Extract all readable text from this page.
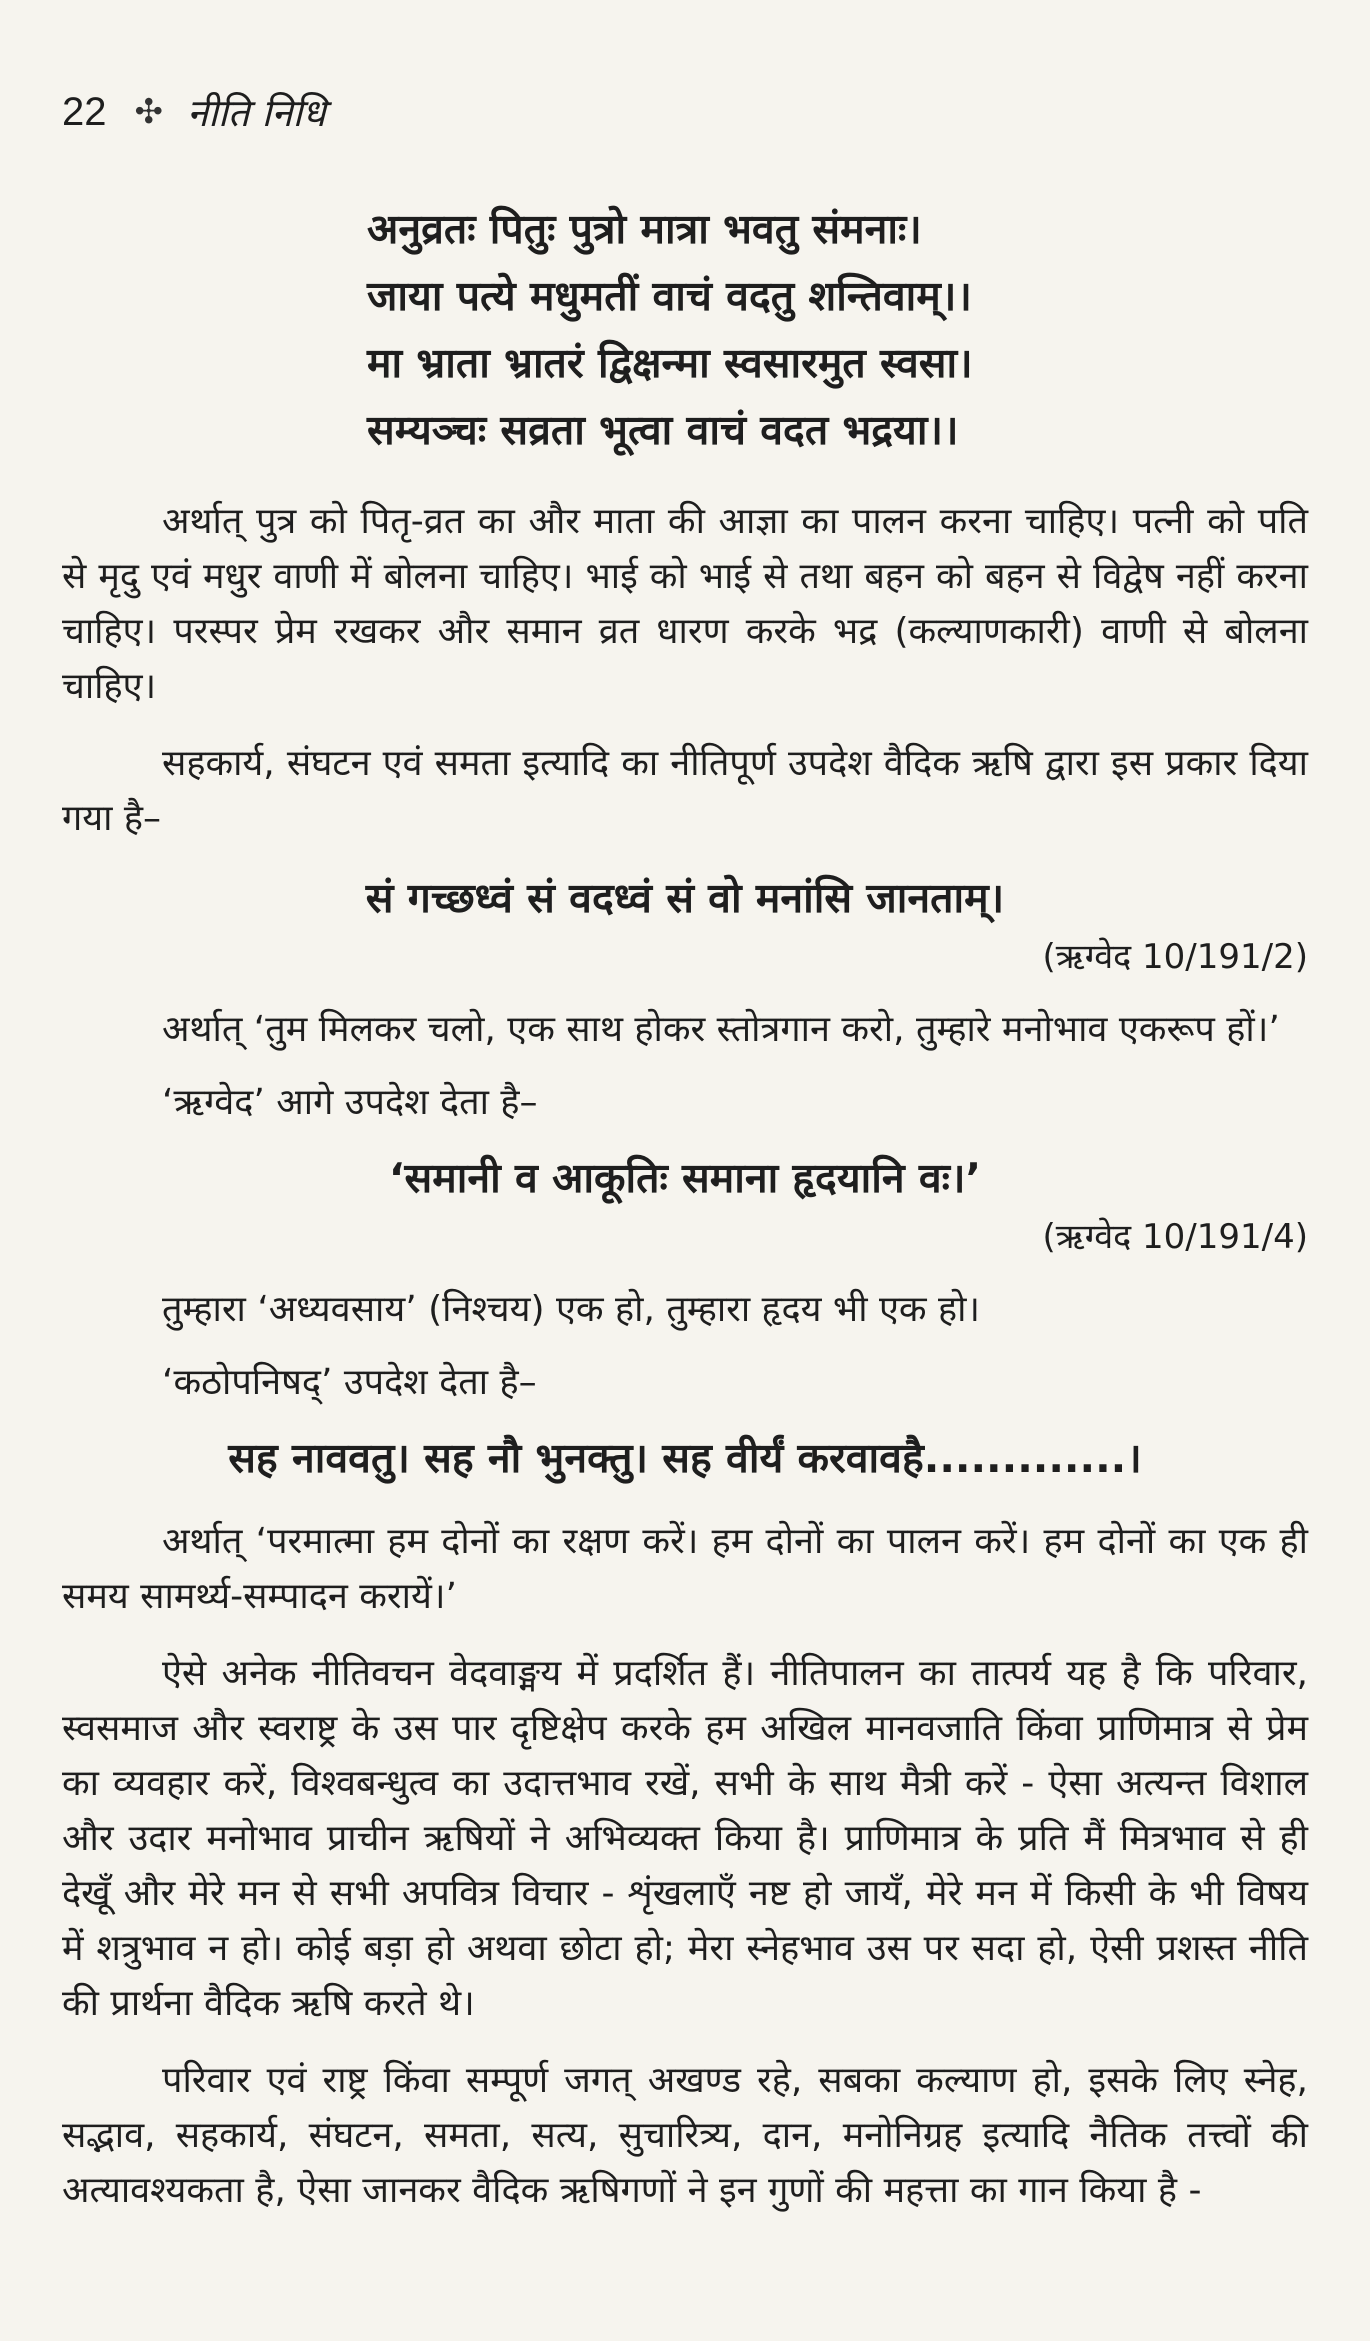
22 ✣ नीति निधि
अनुव्रतः पितुः पुत्रो मात्रा भवतु संमनाः।
जाया पत्ये मधुमतीं वाचं वदतु शन्तिवाम्।।
मा भ्राता भ्रातरं द्विक्षन्मा स्वसारमुत स्वसा।
सम्यञ्चः सव्रता भूत्वा वाचं वदत भद्रया।।

अर्थात् पुत्र को पितृ-व्रत का और माता की आज्ञा का पालन करना चाहिए। पत्नी को पति से मृदु एवं मधुर वाणी में बोलना चाहिए। भाई को भाई से तथा बहन को बहन से विद्वेष नहीं करना चाहिए। परस्पर प्रेम रखकर और समान व्रत धारण करके भद्र (कल्याणकारी) वाणी से बोलना चाहिए।

सहकार्य, संघटन एवं समता इत्यादि का नीतिपूर्ण उपदेश वैदिक ऋषि द्वारा इस प्रकार दिया गया है–

सं गच्छध्वं सं वदध्वं सं वो मनांसि जानताम्।
(ऋग्वेद 10/191/2)
अर्थात् ‘तुम मिलकर चलो, एक साथ होकर स्तोत्रगान करो, तुम्हारे मनोभाव एकरूप हों।’
‘ऋग्वेद’ आगे उपदेश देता है–
‘समानी व आकूतिः समाना हृदयानि वः।’
(ऋग्वेद 10/191/4)
तुम्हारा ‘अध्यवसाय’ (निश्चय) एक हो, तुम्हारा हृदय भी एक हो।
‘कठोपनिषद्’ उपदेश देता है–
सह नाववतु। सह नौ भुनक्तु। सह वीर्यं करवावहै.............।

अर्थात् ‘परमात्मा हम दोनों का रक्षण करें। हम दोनों का पालन करें। हम दोनों का एक ही समय सामर्थ्य-सम्पादन करायें।’

ऐसे अनेक नीतिवचन वेदवाङ्मय में प्रदर्शित हैं। नीतिपालन का तात्पर्य यह है कि परिवार, स्वसमाज और स्वराष्ट्र के उस पार दृष्टिक्षेप करके हम अखिल मानवजाति किंवा प्राणिमात्र से प्रेम का व्यवहार करें, विश्वबन्धुत्व का उदात्तभाव रखें, सभी के साथ मैत्री करें - ऐसा अत्यन्त विशाल और उदार मनोभाव प्राचीन ऋषियों ने अभिव्यक्त किया है। प्राणिमात्र के प्रति मैं मित्रभाव से ही देखूँ और मेरे मन से सभी अपवित्र विचार - शृंखलाएँ नष्ट हो जायँ, मेरे मन में किसी के भी विषय में शत्रुभाव न हो। कोई बड़ा हो अथवा छोटा हो; मेरा स्नेहभाव उस पर सदा हो, ऐसी प्रशस्त नीति की प्रार्थना वैदिक ऋषि करते थे।

परिवार एवं राष्ट्र किंवा सम्पूर्ण जगत् अखण्ड रहे, सबका कल्याण हो, इसके लिए स्नेह, सद्भाव, सहकार्य, संघटन, समता, सत्य, सुचारित्र्य, दान, मनोनिग्रह इत्यादि नैतिक तत्त्वों की अत्यावश्यकता है, ऐसा जानकर वैदिक ऋषिगणों ने इन गुणों की महत्ता का गान किया है -
